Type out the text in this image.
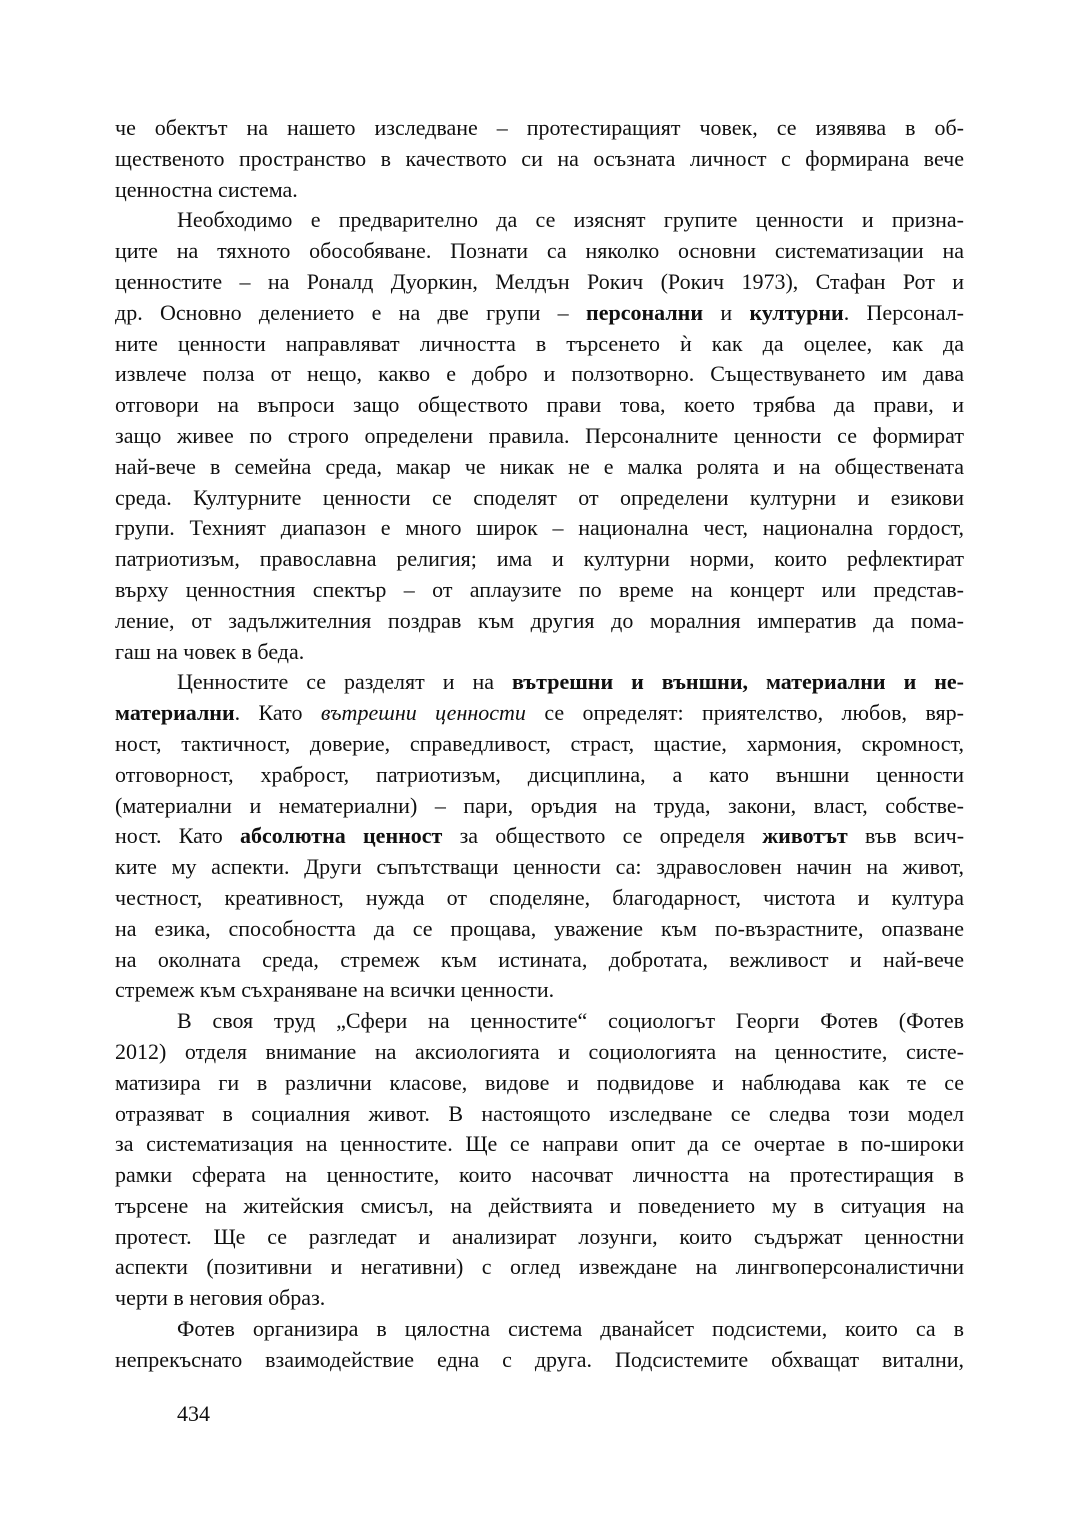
че обектът на нашето изследване – протестиращият човек, се изявява в об-
щественото пространство в качеството си на осъзната личност с формирана вече
ценностна система.
Необходимо е предварително да се изяснят групите ценности и призна-
ците на тяхното обособяване. Познати са няколко основни систематизации на
ценностите – на Роналд Дуоркин, Мелдън Рокич (Рокич 1973), Стафан Рот и
др. Основно делението е на две групи – персонални и културни. Персонал-
ните ценности направляват личността в търсенето ѝ как да оцелее, как да
извлече полза от нещо, какво е добро и ползотворно. Съществуването им дава
отговори на въпроси защо обществото прави това, което трябва да прави, и
защо живее по строго определени правила. Персоналните ценности се формират
най-вече в семейна среда, макар че никак не е малка ролята и на обществената
среда. Културните ценности се споделят от определени културни и езикови
групи. Техният диапазон е много широк – национална чест, национална гордост,
патриотизъм, православна религия; има и културни норми, които рефлектират
върху ценностния спектър – от аплаузите по време на концерт или представ-
ление, от задължителния поздрав към другия до моралния императив да пома-
гаш на човек в беда.
Ценностите се разделят и на вътрешни и външни, материални и не-
материални. Като вътрешни ценности се определят: приятелство, любов, вяр-
ност, тактичност, доверие, справедливост, страст, щастие, хармония, скромност,
отговорност, храброст, патриотизъм, дисциплина, а като външни ценности
(материални и нематериални) – пари, оръдия на труда, закони, власт, собстве-
ност. Като абсолютна ценност за обществото се определя животът във всич-
ките му аспекти. Други съпътстващи ценности са: здравословен начин на живот,
честност, креативност, нужда от споделяне, благодарност, чистота и култура
на езика, способността да се прощава, уважение към по-възрастните, опазване
на околната среда, стремеж към истината, добротата, вежливост и най-вече
стремеж към съхраняване на всички ценности.
В своя труд „Сфери на ценностите“ социологът Георги Фотев (Фотев
2012) отделя внимание на аксиологията и социологията на ценностите, систе-
матизира ги в различни класове, видове и подвидове и наблюдава как те се
отразяват в социалния живот. В настоящото изследване се следва този модел
за систематизация на ценностите. Ще се направи опит да се очертае в по-широки
рамки сферата на ценностите, които насочват личността на протестиращия в
търсене на житейския смисъл, на действията и поведението му в ситуация на
протест. Ще се разгледат и анализират лозунги, които съдържат ценностни
аспекти (позитивни и негативни) с оглед извеждане на лингвоперсоналистични
черти в неговия образ.
Фотев организира в цялостна система дванайсет подсистеми, които са в
непрекъснато взаимодействие една с друга. Подсистемите обхващат витални,
434
